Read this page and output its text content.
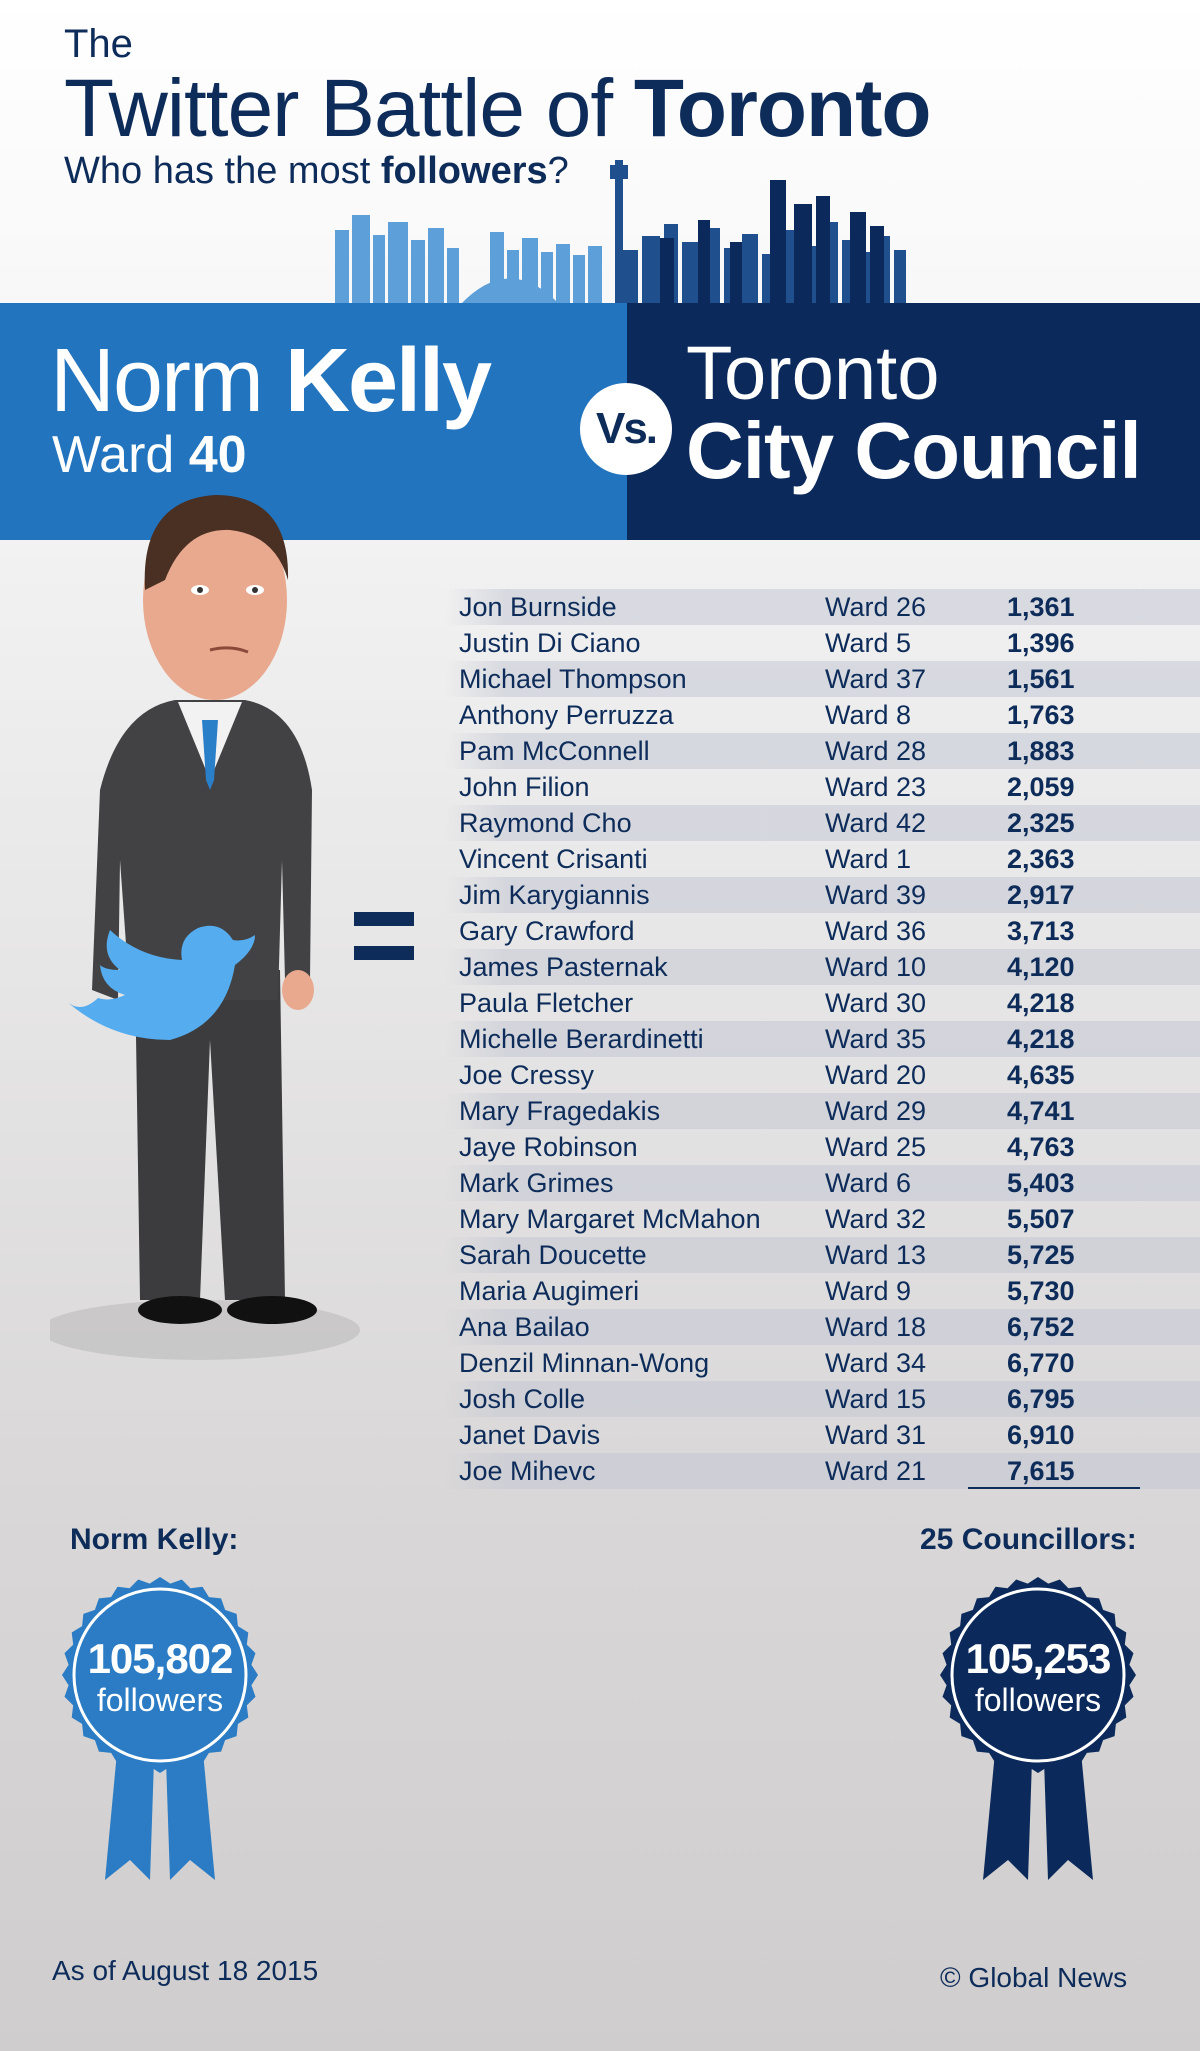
The
Twitter Battle of Toronto
Who has the most followers?
Norm Kelly
Ward 40	Vs.
Toronto
City Council
Jon Burnside	Ward 26	1,361
Justin Di Ciano	Ward 5	1,396
Michael Thompson	Ward 37	1,561
Anthony Perruzza	Ward 8	1,763
Pam McConnell	Ward 28	1,883
John Filion	Ward 23	2,059
Raymond Cho	Ward 42	2,325
Vincent Crisanti	Ward 1	2,363
Jim Karygiannis	Ward 39	2,917
Gary Crawford	Ward 36	3,713
James Pasternak	Ward 10	4,120
Paula Fletcher	Ward 30	4,218
Michelle Berardinetti	Ward 35	4,218
Joe Cressy	Ward 20	4,635
Mary Fragedakis	Ward 29	4,741
Jaye Robinson	Ward 25	4,763
Mark Grimes	Ward 6	5,403
Mary Margaret McMahon Ward 32	5,507
Sarah Doucette	Ward 13	5,725
Maria Augimeri	Ward 9	5,730
Ana Bailao	Ward 18	6,752
Denzil Minnan-Wong	Ward 34	6,770
Josh Colle	Ward 15	6,795
Janet Davis	Ward 31	6,910
Joe Mihevc	Ward 21	7,615
Norm Kelly:	25 Councillors:
105,802
followers
105,253
followers
As of August 18 2015	© Global News
